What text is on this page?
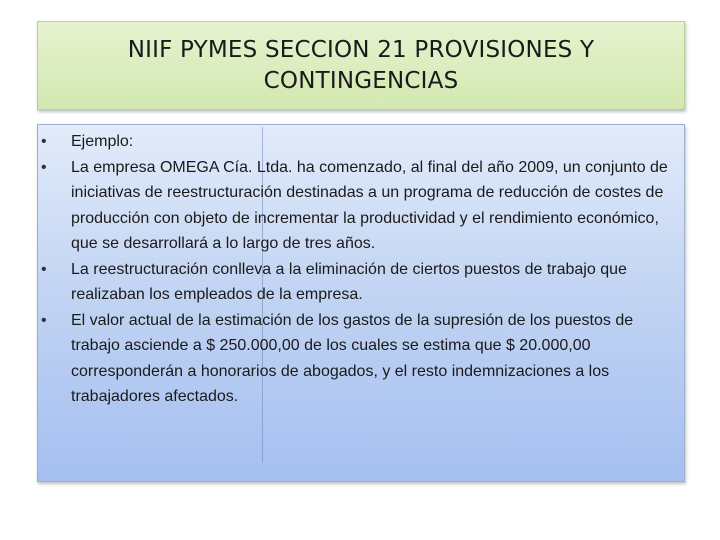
NIIF PYMES SECCION 21 PROVISIONES Y CONTINGENCIAS
• Ejemplo:
• La empresa OMEGA Cía. Ltda. ha comenzado, al final del año 2009, un conjunto de iniciativas de reestructuración destinadas a un programa de reducción de costes de producción con objeto de incrementar la productividad y el rendimiento económico, que se desarrollará a lo largo de tres años.
• La reestructuración conlleva a la eliminación de ciertos puestos de trabajo que realizaban los empleados de la empresa.
• El valor actual de la estimación de los gastos de la supresión de los puestos de trabajo asciende a $ 250.000,00 de los cuales se estima que $ 20.000,00 corresponderán a honorarios de abogados, y el resto indemnizaciones a los trabajadores afectados.
